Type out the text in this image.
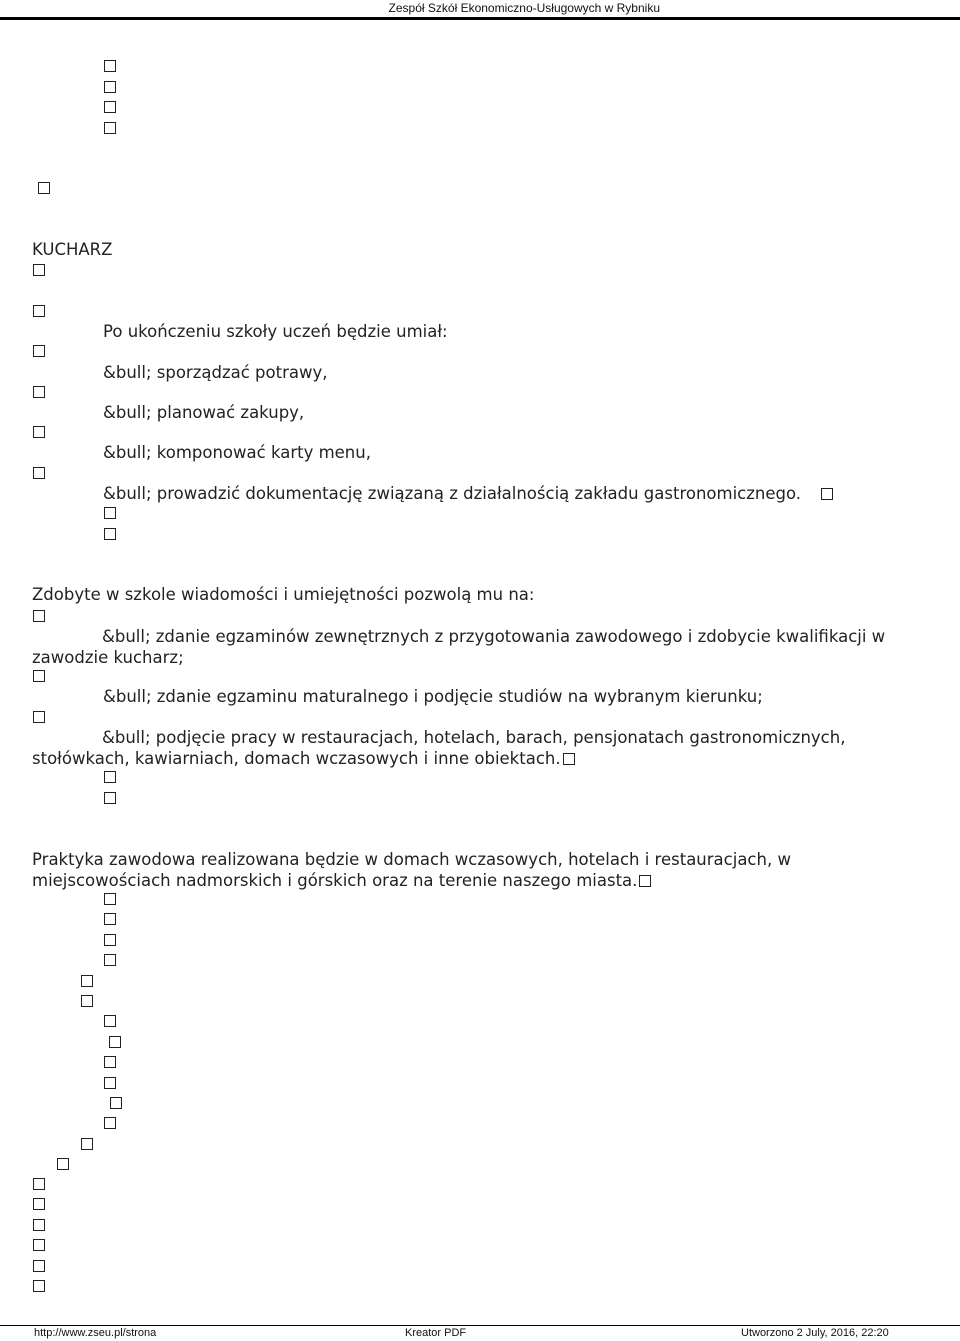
Zespół Szkół Ekonomiczno-Usługowych w Rybniku
KUCHARZ
Po ukończeniu szkoły uczeń będzie umiał:
&bull; sporządzać potrawy,
&bull; planować zakupy,
&bull; komponować karty menu,
&bull; prowadzić dokumentację związaną z działalnością zakładu gastronomicznego.
Zdobyte w szkole wiadomości i umiejętności pozwolą mu na:
&bull; zdanie egzaminów zewnętrznych z przygotowania zawodowego i zdobycie kwalifikacji w zawodzie kucharz;
&bull; zdanie egzaminu maturalnego i podjęcie studiów na wybranym kierunku;
&bull; podjęcie pracy w restauracjach, hotelach, barach, pensjonatach gastronomicznych, stołówkach, kawiarniach, domach wczasowych i inne obiektach.
Praktyka zawodowa realizowana będzie w domach wczasowych, hotelach i restauracjach, w miejscowościach nadmorskich i górskich oraz na terenie naszego miasta.
http://www.zseu.pl/strona	Kreator PDF	Utworzono 2 July, 2016, 22:20
